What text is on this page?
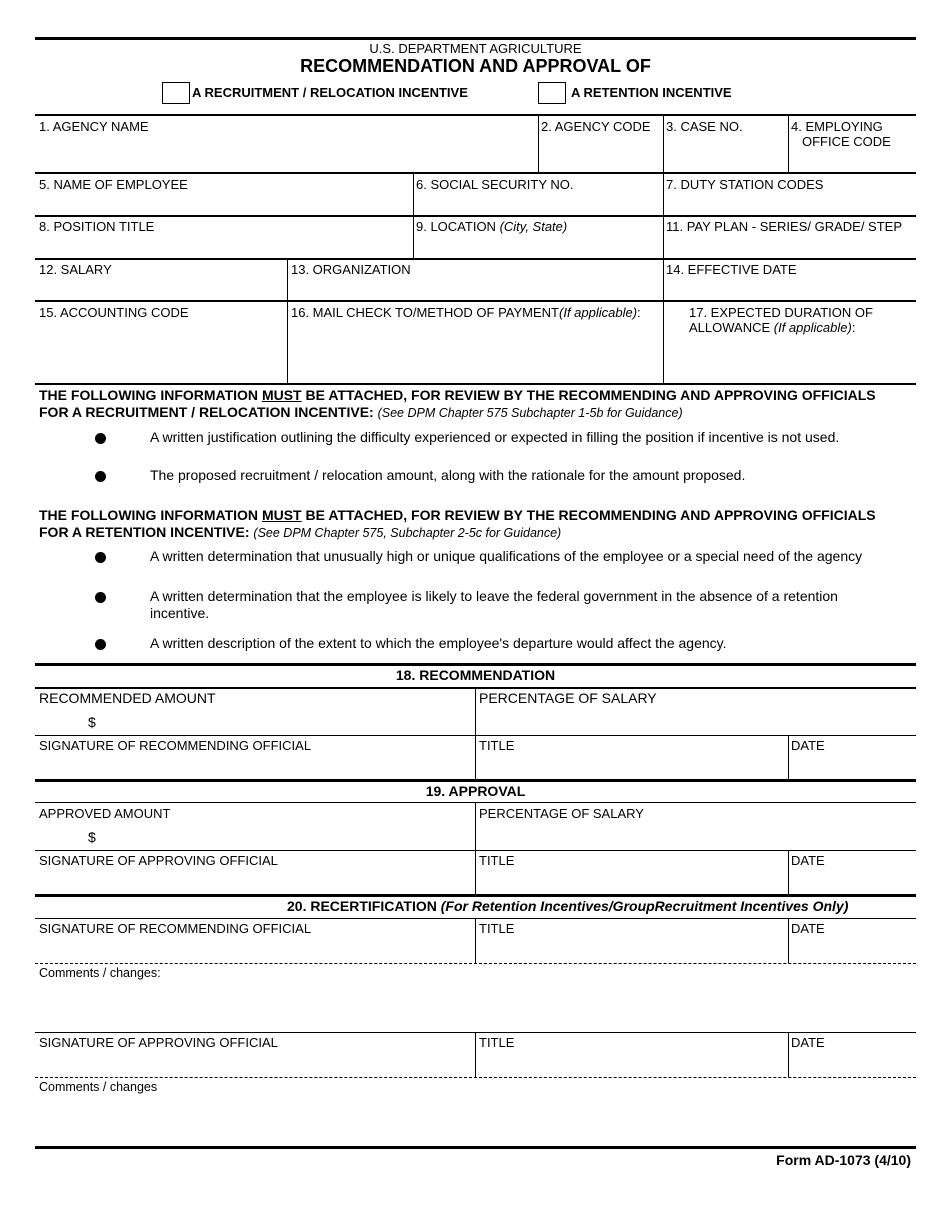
U.S. DEPARTMENT AGRICULTURE
RECOMMENDATION AND APPROVAL OF
A RECRUITMENT / RELOCATION INCENTIVE	A RETENTION INCENTIVE
1. AGENCY NAME	2. AGENCY CODE 3. CASE NO.	4. EMPLOYING
OFFICE CODE
5. NAME OF EMPLOYEE	6. SOCIAL SECURITY NO.	7. DUTY STATION CODES
8. POSITION TITLE	9. LOCATION (City, State)	11. PAY PLAN - SERIES/ GRADE/ STEP
12. SALARY	13. ORGANIZATION	14. EFFECTIVE DATE
15. ACCOUNTING CODE	16. MAIL CHECK TO/METHOD OF PAYMENT(If applicable):	17. EXPECTED DURATION OF
ALLOWANCE (If applicable):
THE FOLLOWING INFORMATION MUST BE ATTACHED, FOR REVIEW BY THE RECOMMENDING AND APPROVING OFFICIALS
FOR A RECRUITMENT / RELOCATION INCENTIVE: (See DPM Chapter 575 Subchapter 1-5b for Guidance)
A written justification outlining the difficulty experienced or expected in filling the position if incentive is not used.
The proposed recruitment / relocation amount, along with the rationale for the amount proposed.
THE FOLLOWING INFORMATION MUST BE ATTACHED, FOR REVIEW BY THE RECOMMENDING AND APPROVING OFFICIALS
FOR A RETENTION INCENTIVE: (See DPM Chapter 575, Subchapter 2-5c for Guidance)
A written determination that unusually high or unique qualifications of the employee or a special need of the agency
A written determination that the employee is likely to leave the federal government in the absence of a retention incentive.
A written description of the extent to which the employee's departure would affect the agency.
18. RECOMMENDATION
RECOMMENDED AMOUNT
$
PERCENTAGE OF SALARY
SIGNATURE OF RECOMMENDING OFFICIAL	TITLE	DATE
19. APPROVAL
APPROVED AMOUNT
$
PERCENTAGE OF SALARY
SIGNATURE OF APPROVING OFFICIAL	TITLE	DATE
20. RECERTIFICATION (For Retention Incentives/GroupRecruitment Incentives Only)
SIGNATURE OF RECOMMENDING OFFICIAL	TITLE	DATE
Comments / changes:
SIGNATURE OF APPROVING OFFICIAL	TITLE	DATE
Comments / changes
Form AD-1073 (4/10)
